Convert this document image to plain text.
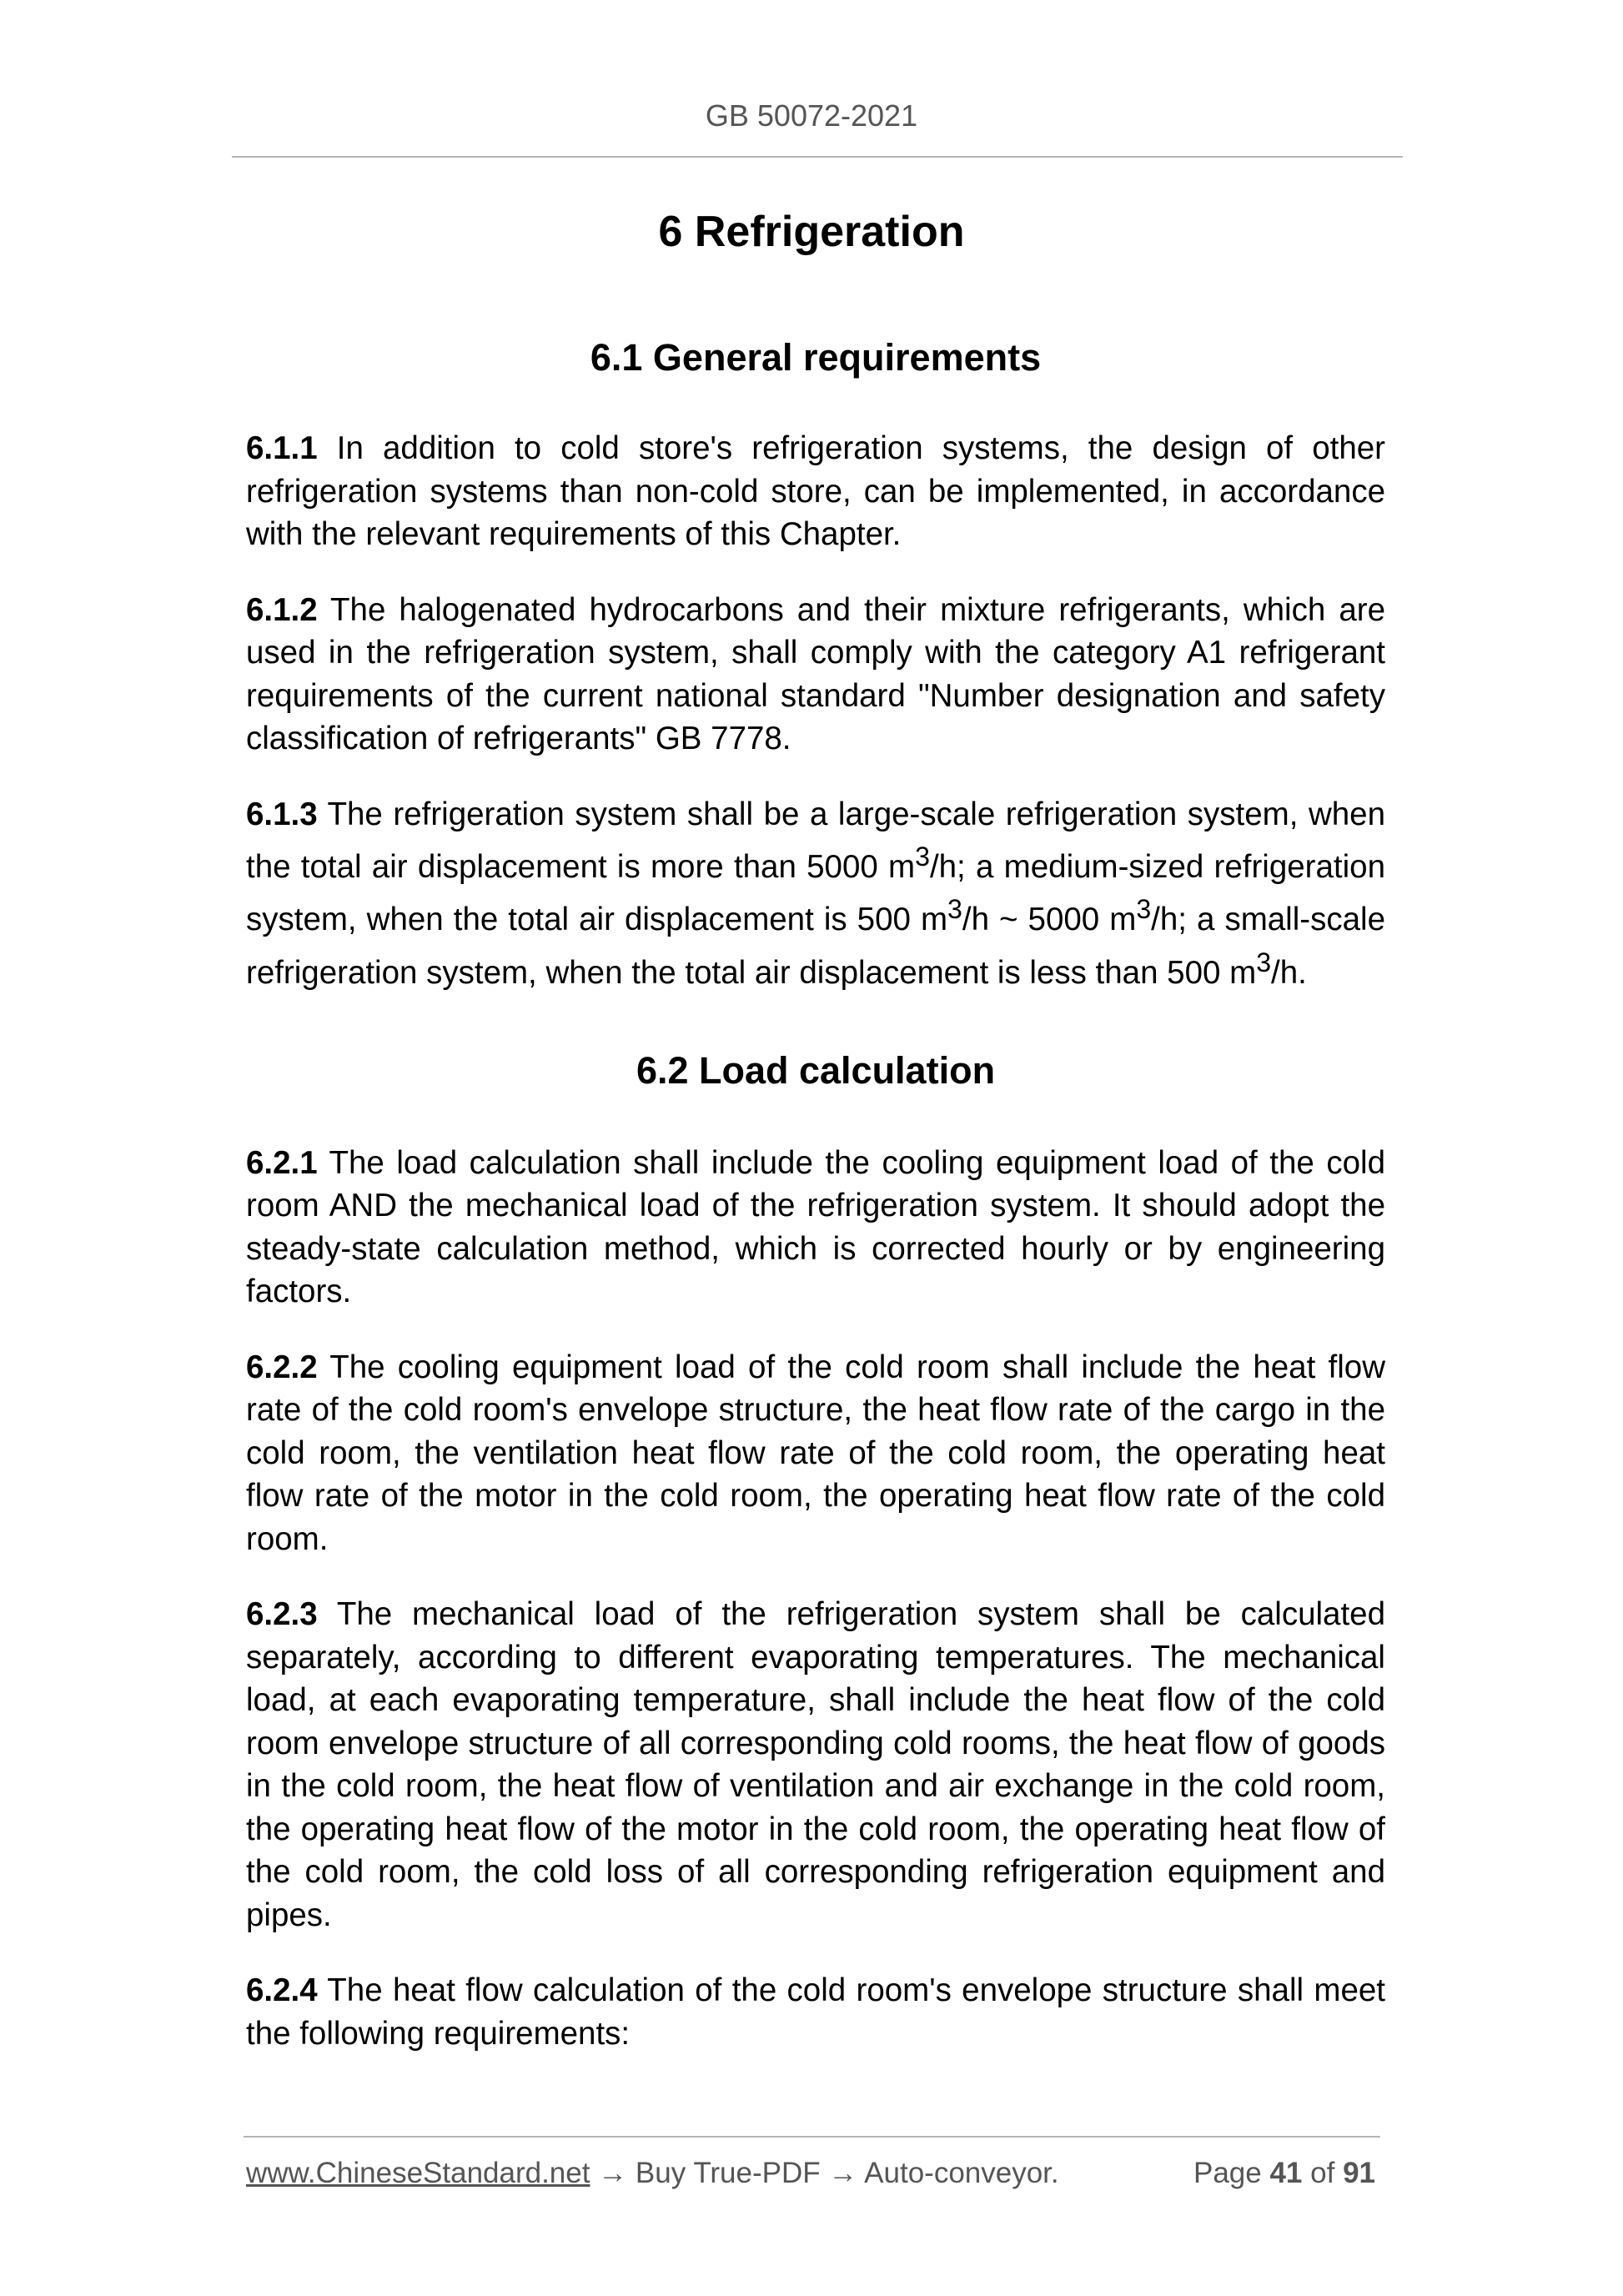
GB 50072-2021
6 Refrigeration
6.1 General requirements

6.1.1 In addition to cold store's refrigeration systems, the design of other refrigeration systems than non-cold store, can be implemented, in accordance with the relevant requirements of this Chapter.

6.1.2 The halogenated hydrocarbons and their mixture refrigerants, which are used in the refrigeration system, shall comply with the category A1 refrigerant requirements of the current national standard "Number designation and safety classification of refrigerants" GB 7778.

6.1.3 The refrigeration system shall be a large-scale refrigeration system, when the total air displacement is more than 5000 $m^3/h$; a medium-sized refrigeration system, when the total air displacement is 500 $m^3/h$ ~ 5000 $m^3/h$; a small-scale refrigeration system, when the total air displacement is less than 500 $m^3/h$.

6.2 Load calculation

6.2.1 The load calculation shall include the cooling equipment load of the cold room AND the mechanical load of the refrigeration system. It should adopt the steady-state calculation method, which is corrected hourly or by engineering factors.

6.2.2 The cooling equipment load of the cold room shall include the heat flow rate of the cold room's envelope structure, the heat flow rate of the cargo in the cold room, the ventilation heat flow rate of the cold room, the operating heat flow rate of the motor in the cold room, the operating heat flow rate of the cold room.

6.2.3 The mechanical load of the refrigeration system shall be calculated separately, according to different evaporating temperatures. The mechanical load, at each evaporating temperature, shall include the heat flow of the cold room envelope structure of all corresponding cold rooms, the heat flow of goods in the cold room, the heat flow of ventilation and air exchange in the cold room, the operating heat flow of the motor in the cold room, the operating heat flow of the cold room, the cold loss of all corresponding refrigeration equipment and pipes.

6.2.4 The heat flow calculation of the cold room's envelope structure shall meet the following requirements:

www.ChineseStandard.net → Buy True-PDF → Auto-conveyor.	Page 41 of 91
